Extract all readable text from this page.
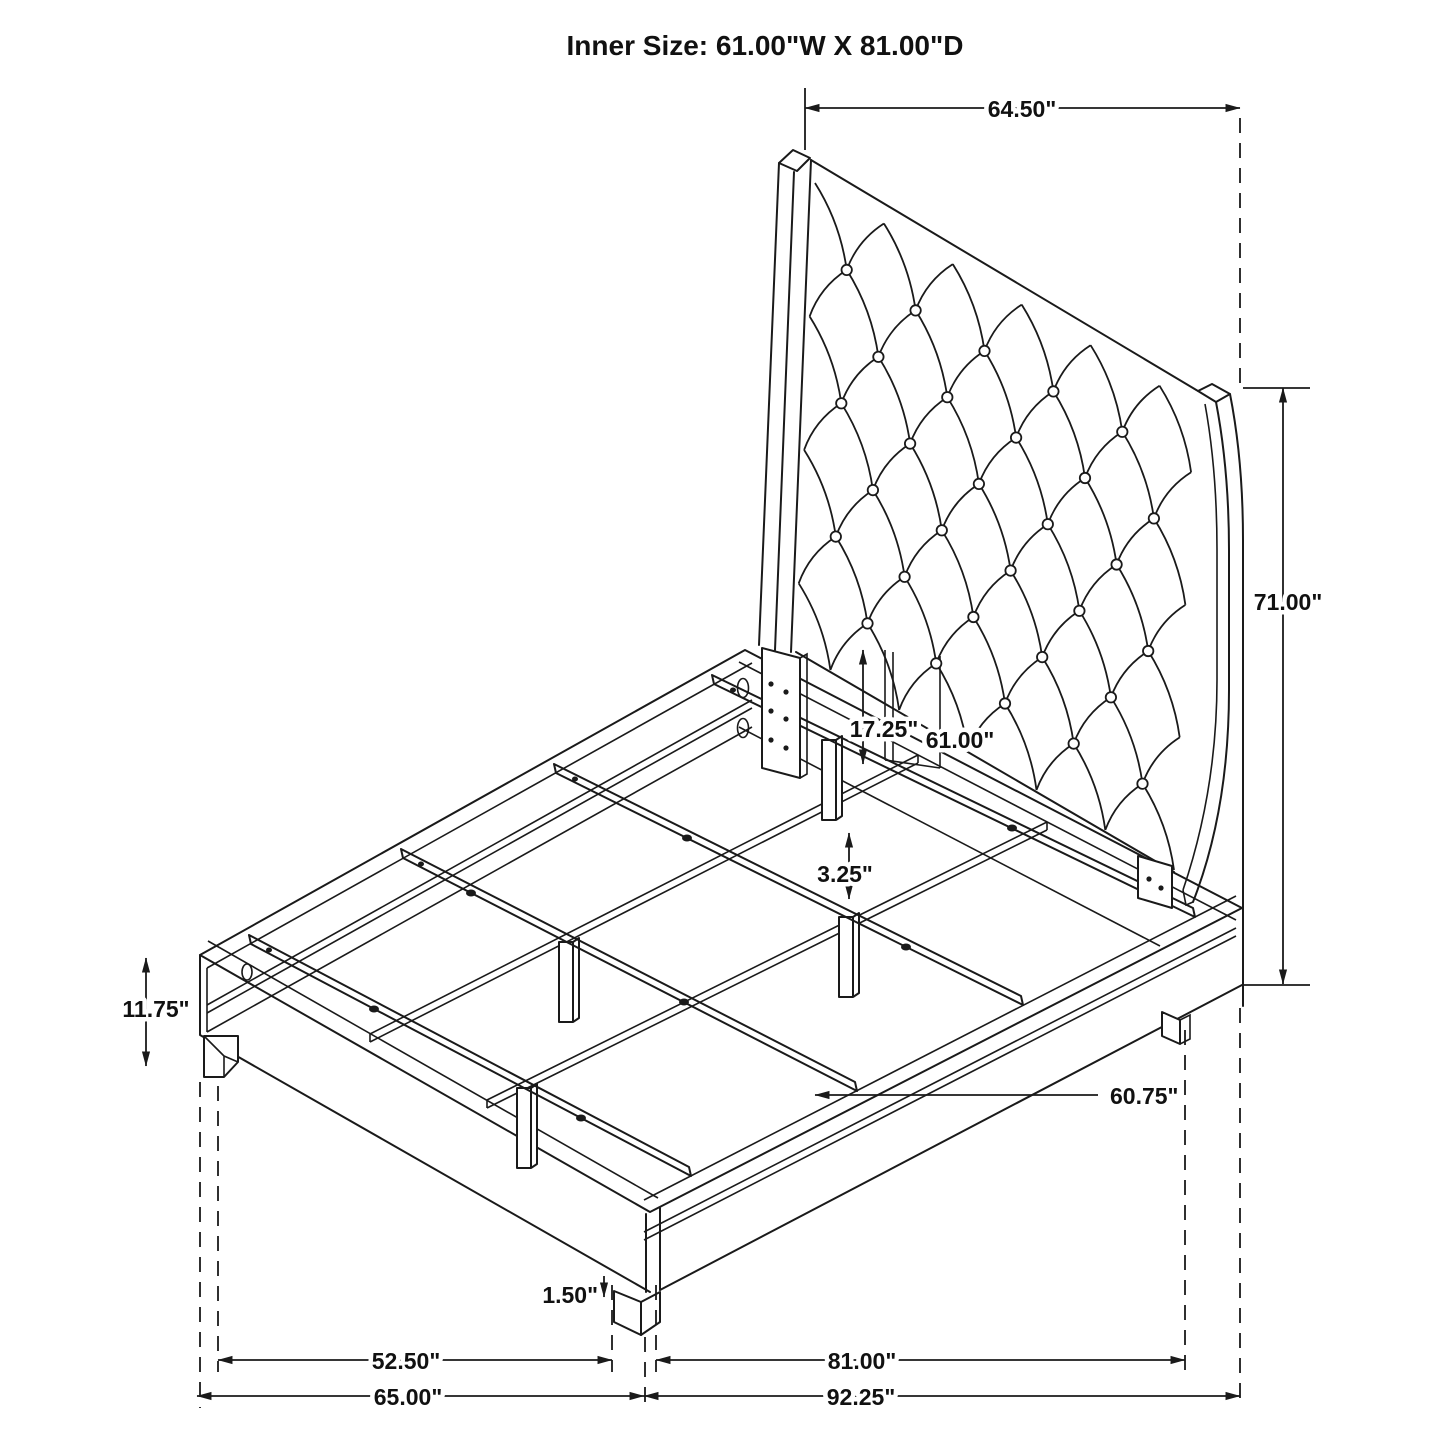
Inner Size: 61.00"W X 81.00"D
64.50"
71.00"
17.25" 61.00"
3.25"
11.75"
60.75"
1.50"
52.50"	81.00"
65.00"	92.25"
